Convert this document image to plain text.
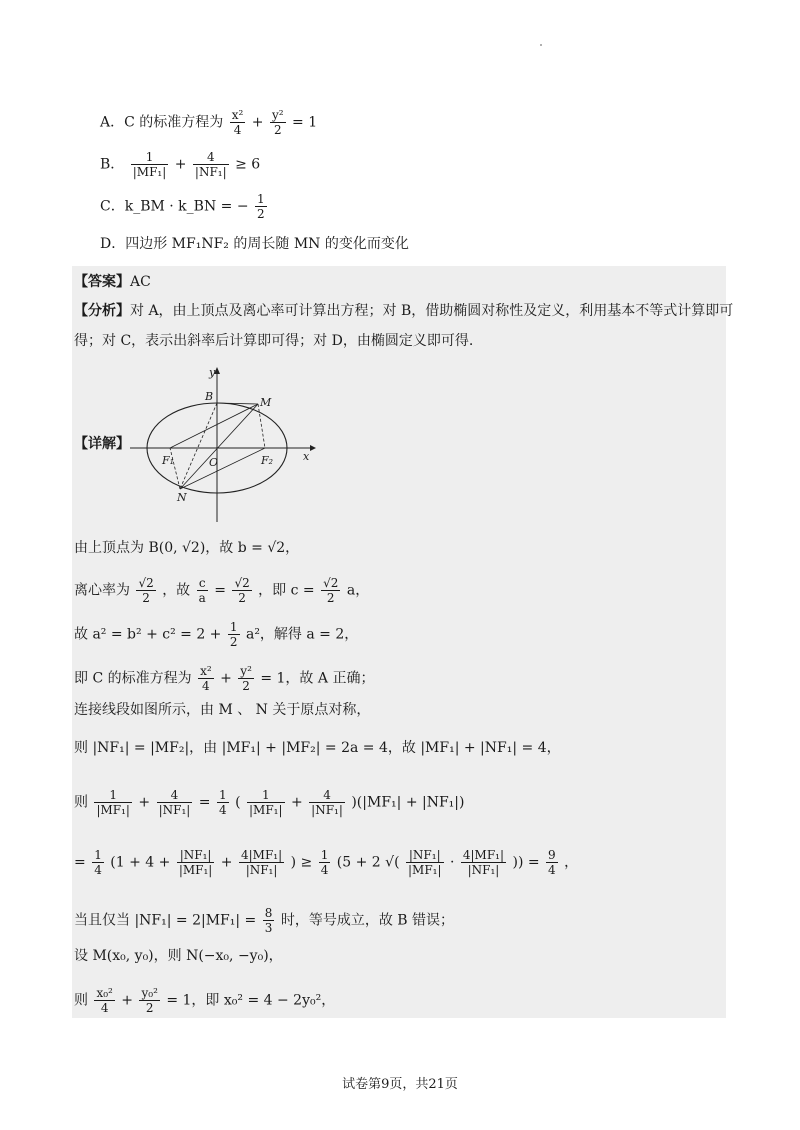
A．C 的标准方程为 $\frac{\text{x²}}{4} + \frac{\text{y²}}{2} = 1$
B． $\frac{1}{\text{|MF₁|}} + \frac{4}{\text{|NF₁|}} \ge 6$
C．k_BM · k_BN = − $\frac{1}{2}$
D．四边形 MF₁NF₂ 的周长随 MN 的变化而变化
【答案】AC
【分析】对 A，由上顶点及离心率可计算出方程；对 B，借助椭圆对称性及定义，利用基本不等式计算即可
得；对 C，表示出斜率后计算即可得；对 D，由椭圆定义即可得.
【详解】
y
x
B	M
F₁	O	F₂
N
由上顶点为 B(0, √2)，故 b = √2，
离心率为 $\frac{√2}{2}$ ，故 $\frac{c}{a} = \frac{√2}{2}$ ，即 $c = \frac{√2}{2}$ a，
故 $a^2 = b^2 + c^2 = 2 + \frac{1}{2} a^2$，解得 a = 2，
即 C 的标准方程为 $\frac{\text{x²}}{4} + \frac{\text{y²}}{2} = 1$，故 A 正确；
连接线段如图所示，由 M 、 N 关于原点对称，
则 |NF₁| = |MF₂|，由 |MF₁| + |MF₂| = 2a = 4，故 |MF₁| + |NF₁| = 4，
则 $\frac{1}{\text{|MF₁|}} + \frac{4}{\text{|NF₁|}} = \frac{1}{4}$ ( $\frac{1}{\text{|MF₁|}} + \frac{4}{\text{|NF₁|}} )(|MF_1| + |NF_1|)$
= $\frac{1}{4} (1 + 4 + \frac{\text{|NF₁|}}{\text{|MF₁|}} + \frac{\text{4|MF₁|}}{\text{|NF₁|}}$ ) ≥ $\frac{1}{4} (5 + 2$ √( $\frac{\text{|NF₁|}}{\text{|MF₁|}} \cdot \frac{\text{4|MF₁|}}{\text{|NF₁|}}$ )) = $\frac{9}{4}$ ，
当且仅当 $|NF_1| = 2|MF_1| = \frac{8}{3}$ 时，等号成立，故 B 错误；
设 M(x₀, y₀)，则 N(−x₀, −y₀)，
则 $\frac{\text{x₀²}}{4} + \frac{\text{y₀²}}{2} = 1$，即 x₀² = 4 − 2y₀²，
试卷第9页，共21页
